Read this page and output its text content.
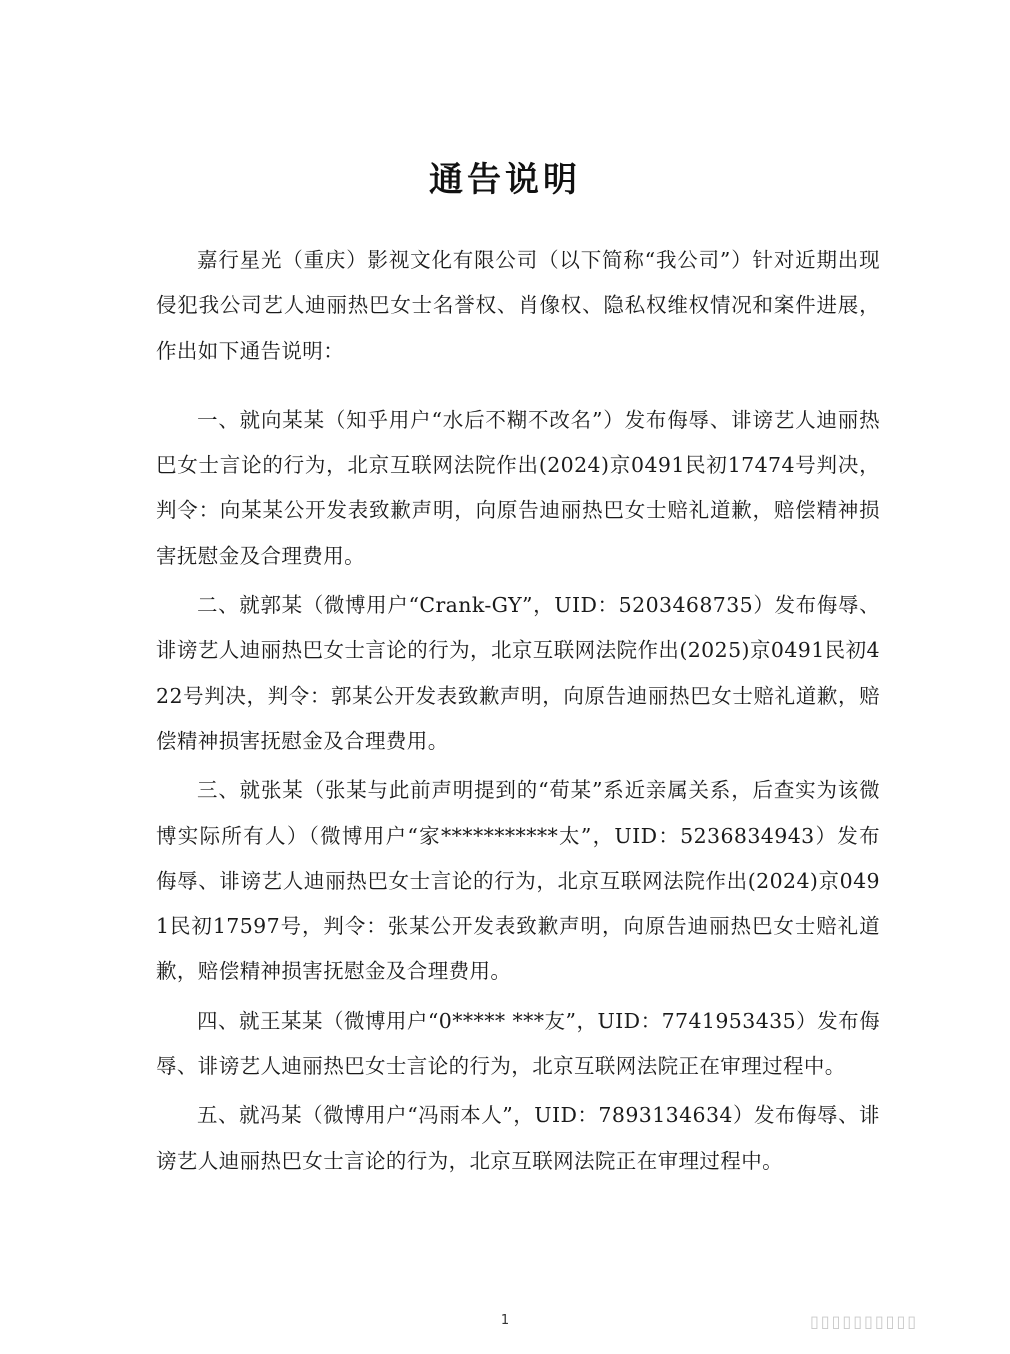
通告说明

嘉行星光（重庆）影视文化有限公司（以下简称“我公司”）针对近期出现侵犯我公司艺人迪丽热巴女士名誉权、肖像权、隐私权维权情况和案件进展，作出如下通告说明：

一、就向某某（知乎用户“水后不糊不改名”）发布侮辱、诽谤艺人迪丽热巴女士言论的行为，北京互联网法院作出(2024)京0491民初17474号判决，判令：向某某公开发表致歉声明，向原告迪丽热巴女士赔礼道歉，赔偿精神损害抚慰金及合理费用。

二、就郭某（微博用户“Crank-GY”，UID：5203468735）发布侮辱、诽谤艺人迪丽热巴女士言论的行为，北京互联网法院作出(2025)京0491民初422号判决，判令：郭某公开发表致歉声明，向原告迪丽热巴女士赔礼道歉，赔偿精神损害抚慰金及合理费用。

三、就张某（张某与此前声明提到的“荀某”系近亲属关系，后查实为该微博实际所有人）（微博用户“家***********太”，UID：5236834943）发布侮辱、诽谤艺人迪丽热巴女士言论的行为，北京互联网法院作出(2024)京0491民初17597号，判令：张某公开发表致歉声明，向原告迪丽热巴女士赔礼道歉，赔偿精神损害抚慰金及合理费用。

四、就王某某（微博用户“0***** ***友”，UID：7741953435）发布侮辱、诽谤艺人迪丽热巴女士言论的行为，北京互联网法院正在审理过程中。

五、就冯某（微博用户“冯雨本人”，UID：7893134634）发布侮辱、诽谤艺人迪丽热巴女士言论的行为，北京互联网法院正在审理过程中。

1	▯▯▯▯▯▯▯▯▯▯
